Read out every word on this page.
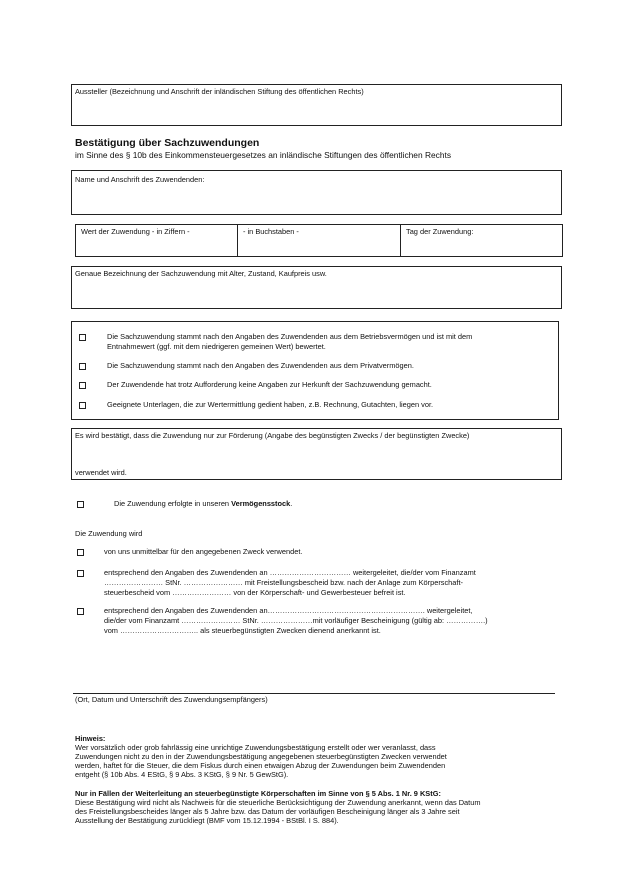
Aussteller (Bezeichnung und Anschrift der inländischen Stiftung des öffentlichen Rechts)
Bestätigung über Sachzuwendungen
im Sinne des § 10b des Einkommensteuergesetzes an inländische Stiftungen des öffentlichen Rechts
Name und Anschrift des Zuwendenden:
Wert der Zuwendung - in Ziffern -	- in Buchstaben -	Tag der Zuwendung:
Genaue Bezeichnung der Sachzuwendung mit Alter, Zustand, Kaufpreis usw.
Die Sachzuwendung stammt nach den Angaben des Zuwendenden aus dem Betriebsvermögen und ist mit dem
Entnahmewert (ggf. mit dem niedrigeren gemeinen Wert) bewertet.
Die Sachzuwendung stammt nach den Angaben des Zuwendenden aus dem Privatvermögen.
Der Zuwendende hat trotz Aufforderung keine Angaben zur Herkunft der Sachzuwendung gemacht.
Geeignete Unterlagen, die zur Wertermittlung gedient haben, z.B. Rechnung, Gutachten, liegen vor.
Es wird bestätigt, dass die Zuwendung nur zur Förderung (Angabe des begünstigten Zwecks / der begünstigten Zwecke)
verwendet wird.
Die Zuwendung erfolgte in unseren Vermögensstock.
Die Zuwendung wird
von uns unmittelbar für den angegebenen Zweck verwendet.
entsprechend den Angaben des Zuwendenden an …………………………… weitergeleitet, die/der vom Finanzamt
…………………… StNr. …………………… mit Freistellungsbescheid bzw. nach der Anlage zum Körperschaft-
steuerbescheid vom …………………… von der Körperschaft- und Gewerbesteuer befreit ist.
entsprechend den Angaben des Zuwendenden an………………………………………………………. weitergeleitet,
die/der vom Finanzamt …………………… StNr. …………………mit vorläufiger Bescheinigung (gültig ab: …………….)
vom ………………………….. als steuerbegünstigten Zwecken dienend anerkannt ist.
(Ort, Datum und Unterschrift des Zuwendungsempfängers)
Hinweis:
Wer vorsätzlich oder grob fahrlässig eine unrichtige Zuwendungsbestätigung erstellt oder wer veranlasst, dass
Zuwendungen nicht zu den in der Zuwendungsbestätigung angegebenen steuerbegünstigten Zwecken verwendet
werden, haftet für die Steuer, die dem Fiskus durch einen etwaigen Abzug der Zuwendungen beim Zuwendenden
entgeht (§ 10b Abs. 4 EStG, § 9 Abs. 3 KStG, § 9 Nr. 5 GewStG).
Nur in Fällen der Weiterleitung an steuerbegünstigte Körperschaften im Sinne von § 5 Abs. 1 Nr. 9 KStG:
Diese Bestätigung wird nicht als Nachweis für die steuerliche Berücksichtigung der Zuwendung anerkannt, wenn das Datum
des Freistellungsbescheides länger als 5 Jahre bzw. das Datum der vorläufigen Bescheinigung länger als 3 Jahre seit
Ausstellung der Bestätigung zurückliegt (BMF vom 15.12.1994 - BStBl. I S. 884).
